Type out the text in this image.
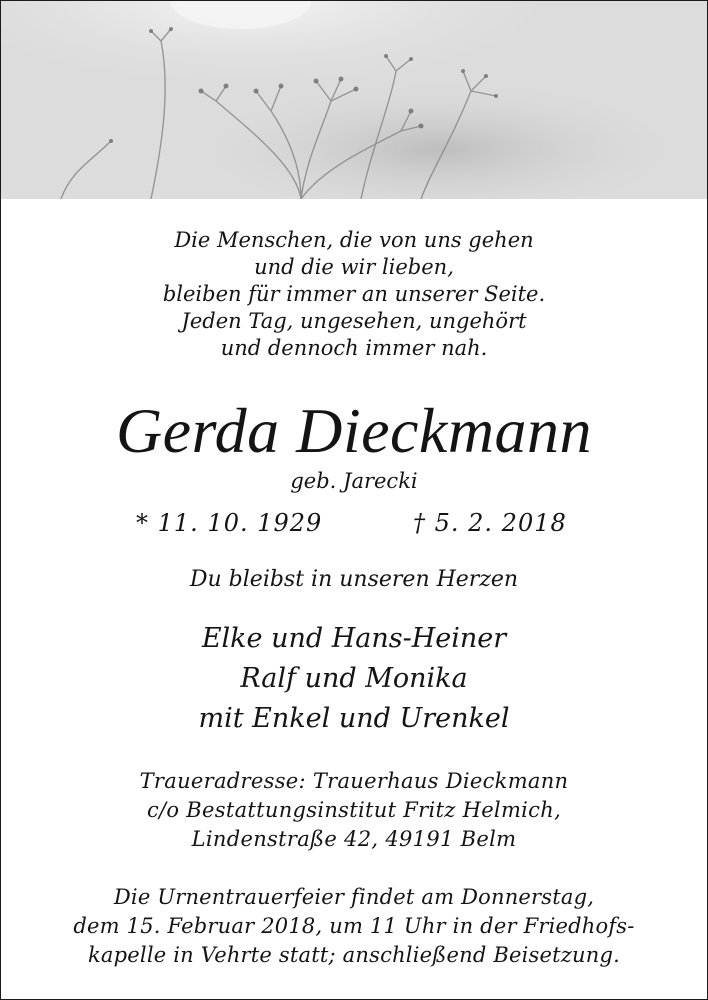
Die Menschen, die von uns gehen
und die wir lieben,
bleiben für immer an unserer Seite.
Jeden Tag, ungesehen, ungehört
und dennoch immer nah.
Gerda Dieckmann
geb. Jarecki
* 11. 10. 1929	† 5. 2. 2018
Du bleibst in unseren Herzen
Elke und Hans-Heiner
Ralf und Monika
mit Enkel und Urenkel
Traueradresse: Trauerhaus Dieckmann
c/o Bestattungsinstitut Fritz Helmich,
Lindenstraße 42, 49191 Belm
Die Urnentrauerfeier findet am Donnerstag,
dem 15. Februar 2018, um 11 Uhr in der Friedhofs-
kapelle in Vehrte statt; anschließend Beisetzung.
